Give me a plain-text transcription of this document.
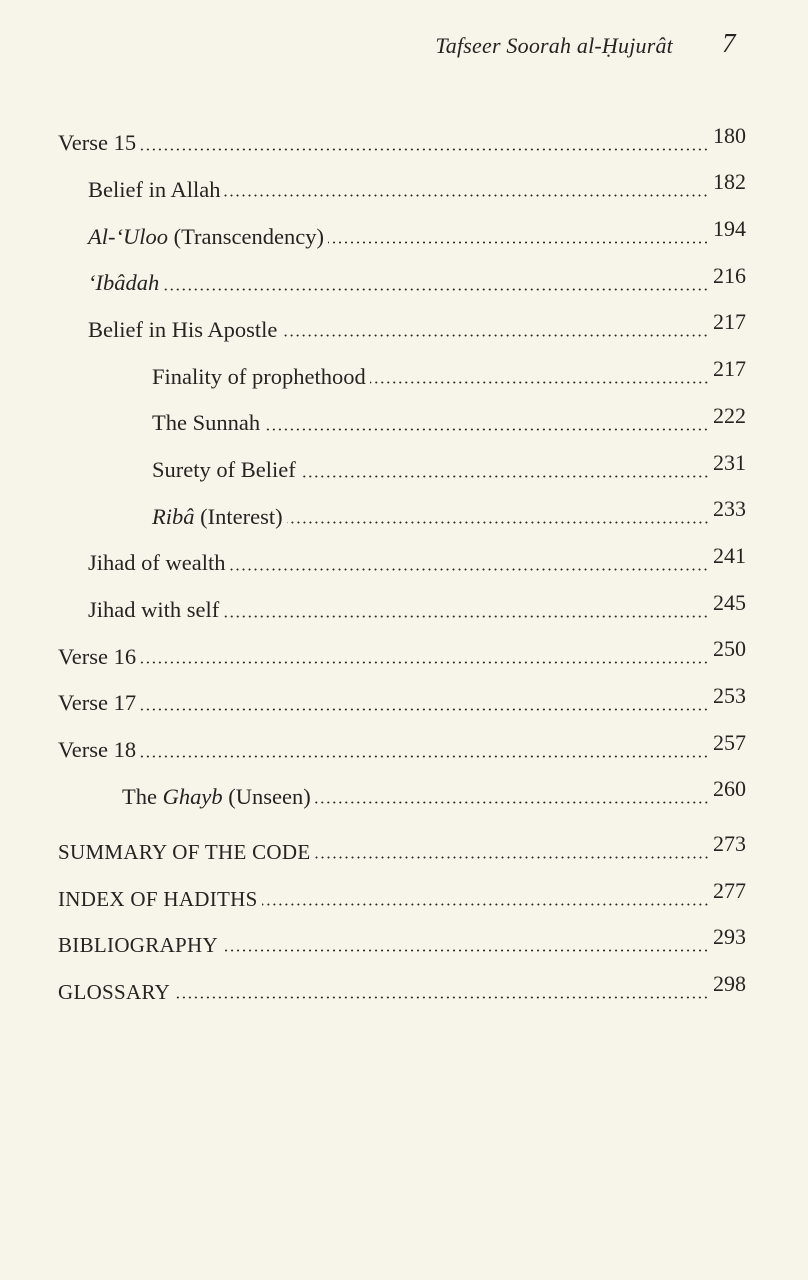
Tafseer Soorah al-Ḥujurât 7
Verse 15	180
Belief in Allah	182
Al-‘Uloo (Transcendency)	194
‘Ibâdah	216
Belief in His Apostle	217
Finality of prophethood	217
The Sunnah	222
Surety of Belief	231
Ribâ (Interest)	233
Jihad of wealth	241
Jihad with self	245
Verse 16	250
Verse 17	253
Verse 18	257
The Ghayb (Unseen)	260
SUMMARY OF THE CODE	273
INDEX OF HADITHS	277
BIBLIOGRAPHY	293
GLOSSARY	298
